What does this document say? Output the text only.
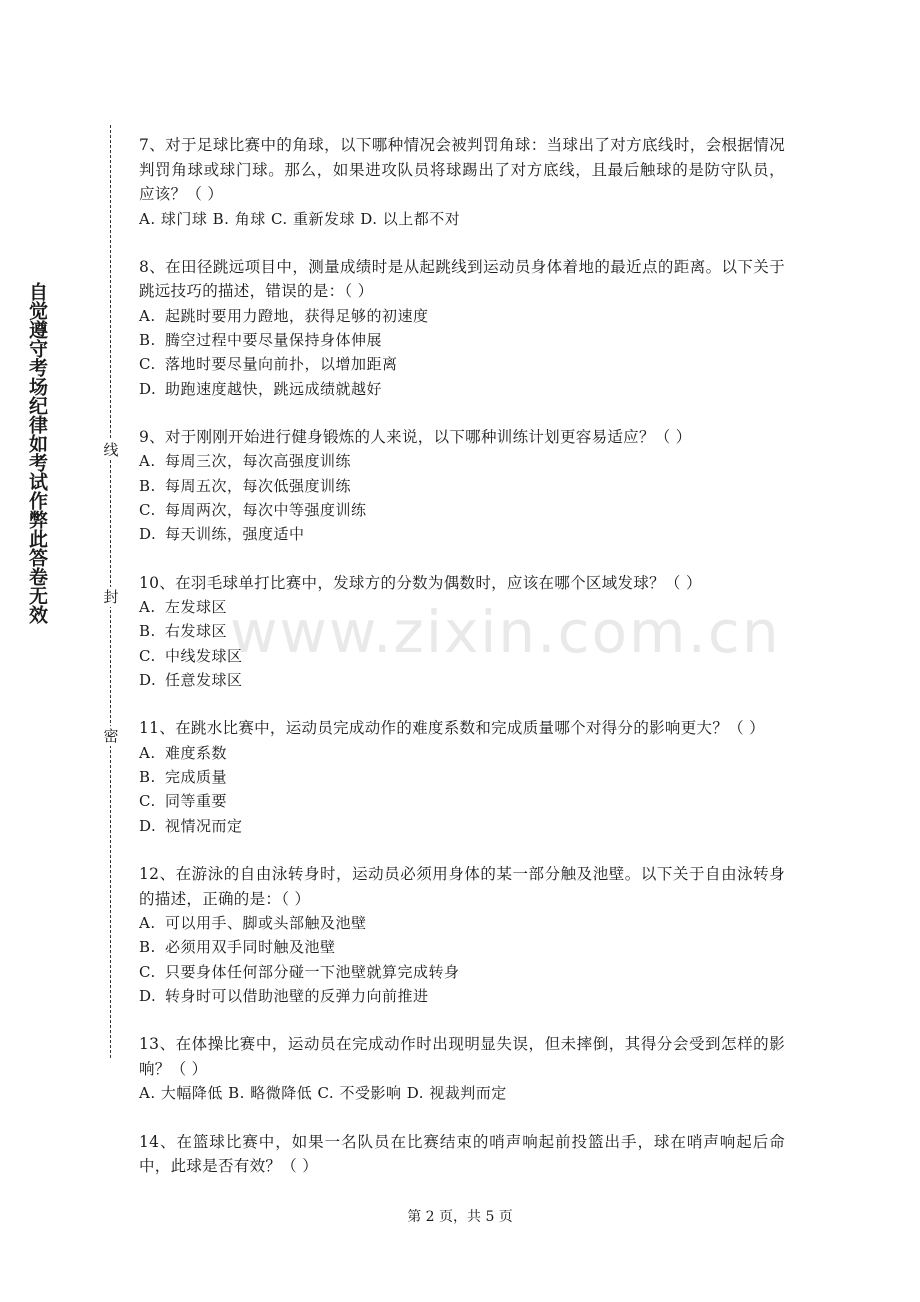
自觉遵守考场纪律如考试作弊此答卷无效	线
封
密
www.zixin.com.cn
7、对于足球比赛中的角球，以下哪种情况会被判罚角球：当球出了对方底线时，会根据情况判罚角球或球门球。那么，如果进攻队员将球踢出了对方底线，且最后触球的是防守队员，应该？（ ）
A. 球门球 B. 角球 C. 重新发球 D. 以上都不对
8、在田径跳远项目中，测量成绩时是从起跳线到运动员身体着地的最近点的距离。以下关于跳远技巧的描述，错误的是：（ ）
A. 起跳时要用力蹬地，获得足够的初速度
B. 腾空过程中要尽量保持身体伸展
C. 落地时要尽量向前扑，以增加距离
D. 助跑速度越快，跳远成绩就越好
9、对于刚刚开始进行健身锻炼的人来说，以下哪种训练计划更容易适应？（ ）
A. 每周三次，每次高强度训练
B. 每周五次，每次低强度训练
C. 每周两次，每次中等强度训练
D. 每天训练，强度适中
10、在羽毛球单打比赛中，发球方的分数为偶数时，应该在哪个区域发球？（ ）
A. 左发球区
B. 右发球区
C. 中线发球区
D. 任意发球区
11、在跳水比赛中，运动员完成动作的难度系数和完成质量哪个对得分的影响更大？（ ）
A. 难度系数
B. 完成质量
C. 同等重要
D. 视情况而定
12、在游泳的自由泳转身时，运动员必须用身体的某一部分触及池壁。以下关于自由泳转身的描述，正确的是：（ ）
A. 可以用手、脚或头部触及池壁
B. 必须用双手同时触及池壁
C. 只要身体任何部分碰一下池壁就算完成转身
D. 转身时可以借助池壁的反弹力向前推进
13、在体操比赛中，运动员在完成动作时出现明显失误，但未摔倒，其得分会受到怎样的影响？（ ）
A. 大幅降低 B. 略微降低 C. 不受影响 D. 视裁判而定
14、在篮球比赛中，如果一名队员在比赛结束的哨声响起前投篮出手，球在哨声响起后命中，此球是否有效？（ ）
第 2 页，共 5 页
